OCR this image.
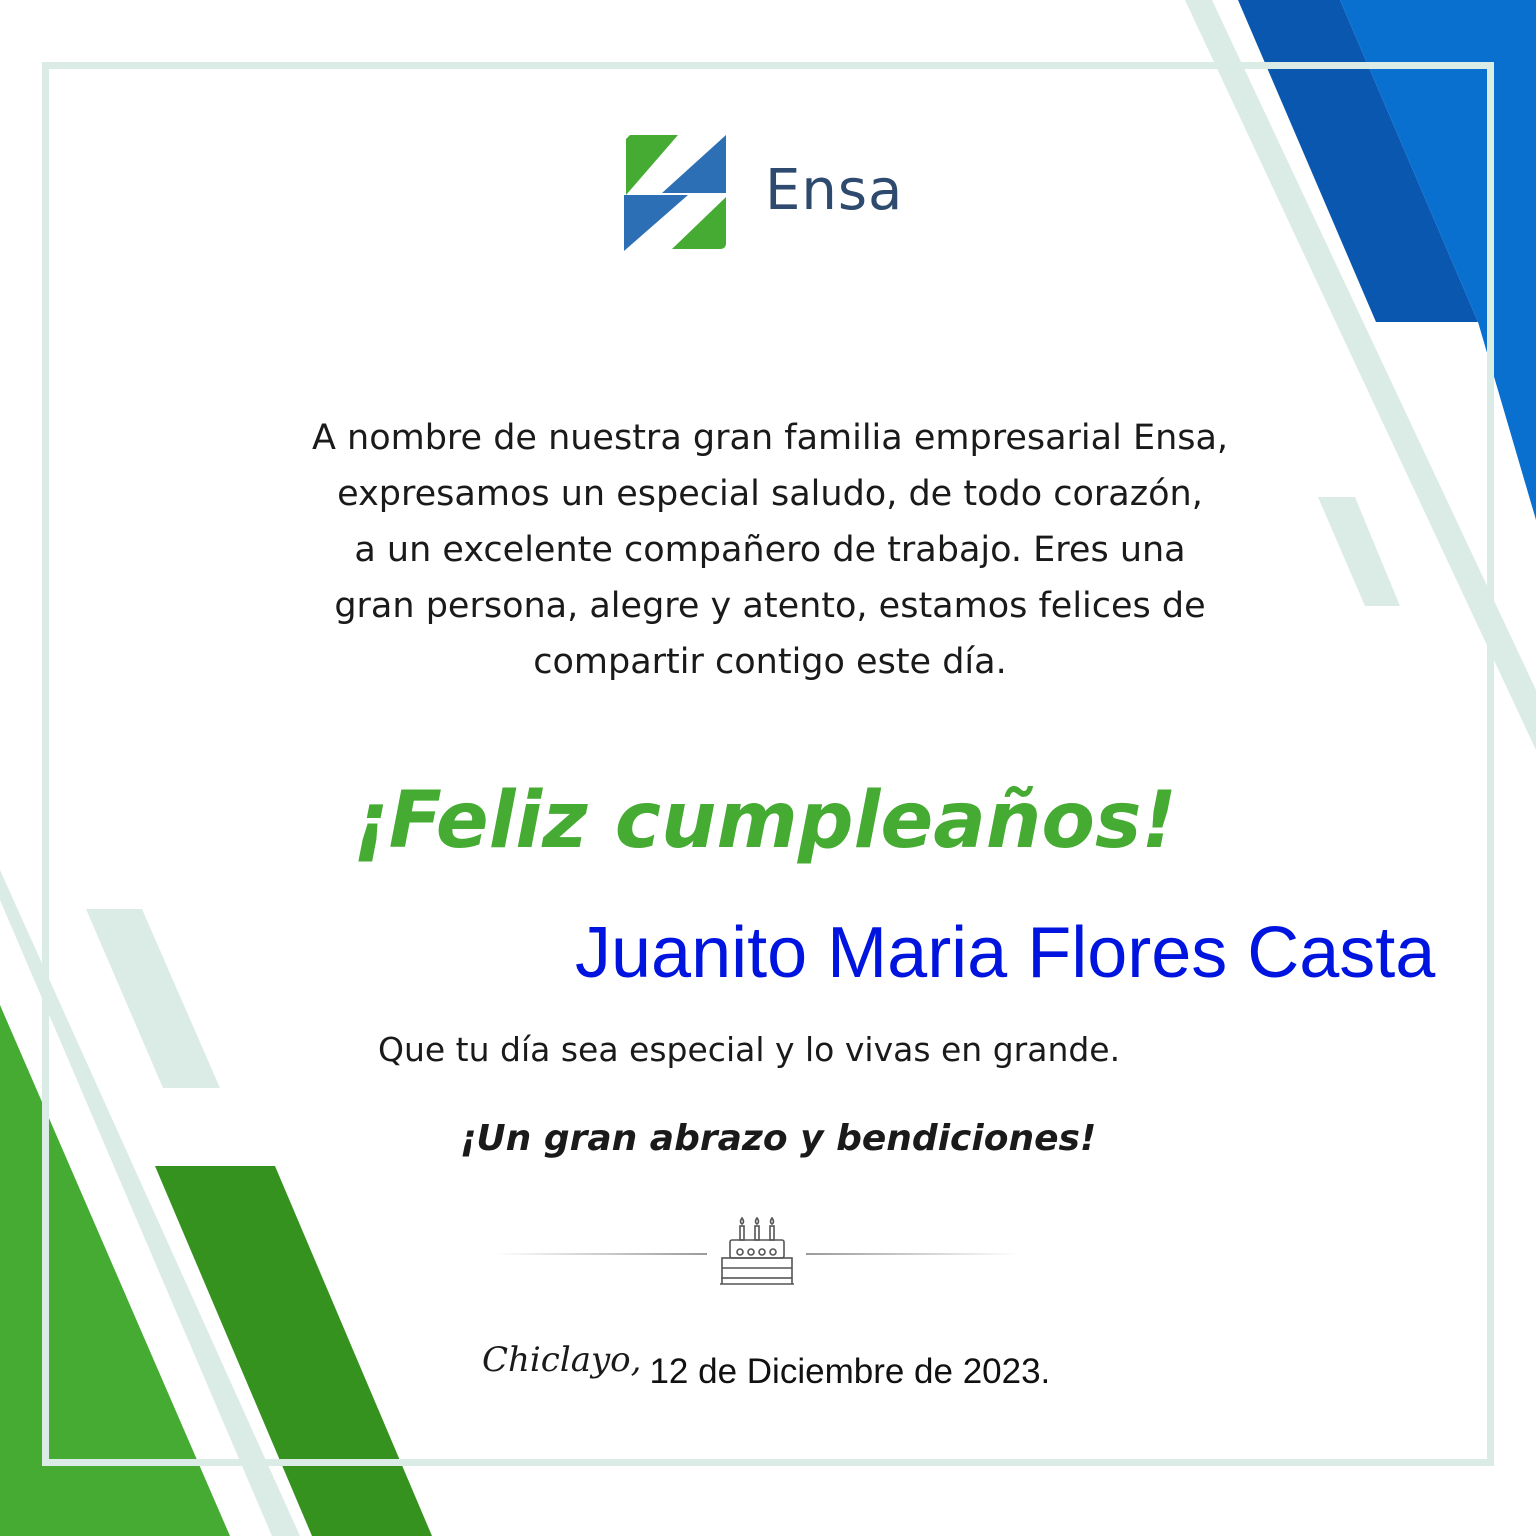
Ensa
A nombre de nuestra gran familia empresarial Ensa,
expresamos un especial saludo, de todo corazón,
a un excelente compañero de trabajo. Eres una
gran persona, alegre y atento, estamos felices de
compartir contigo este día.
¡Feliz cumpleaños!
Juanito Maria Flores Casta
Que tu día sea especial y lo vivas en grande.
¡Un gran abrazo y bendiciones!
Chiclayo, 12 de Diciembre de 2023.
